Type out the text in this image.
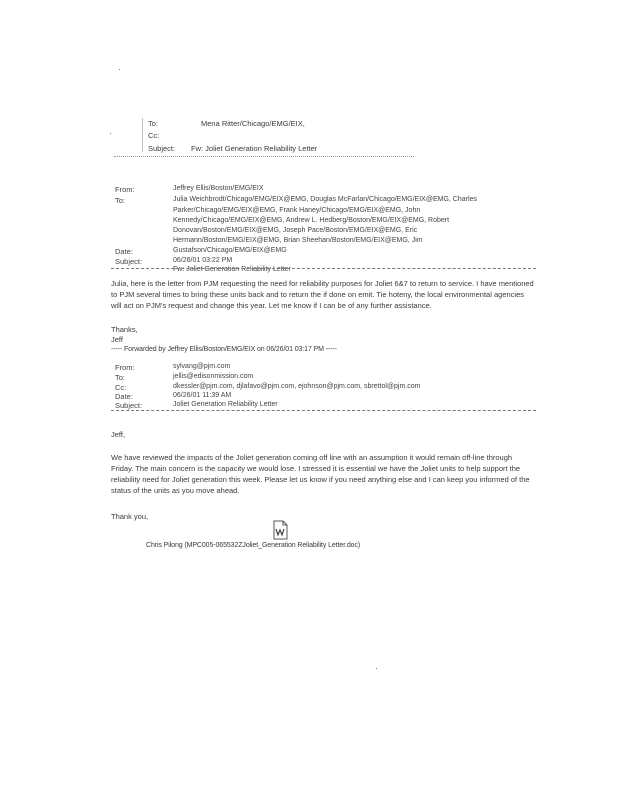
To:	Mena Ritter/Chicago/EMG/EIX,
Cc:
Subject: Fw: Joliet Generation Reliability Letter
From:	Jeffrey Ellis/Boston/EMG/EIX
To:	Julia Weichbrodt/Chicago/EMG/EIX@EMG, Douglas McFarlan/Chicago/EMG/EIX@EMG, Charles
Parker/Chicago/EMG/EIX@EMG, Frank Haney/Chicago/EMG/EIX@EMG, John
Kennedy/Chicago/EMG/EIX@EMG, Andrew L. Hedberg/Boston/EMG/EIX@EMG, Robert
Donovan/Boston/EMG/EIX@EMG, Joseph Pace/Boston/EMG/EIX@EMG, Eric
Hermann/Boston/EMG/EIX@EMG, Brian Sheehan/Boston/EMG/EIX@EMG, Jim
Gustafson/Chicago/EMG/EIX@EMG
Date:
06/26/01 03:22 PM
Subject:
Fw: Joliet Generation Reliability Letter
Julia, here is the letter from PJM requesting the need for reliability purposes for Joliet 6&7 to return to service. I have mentioned to PJM several times to bring these units back and to return the if done on emit. Tie hoteny, the local environmental agencies will act on PJM's request and change this year. Let me know if I can be of any further assistance.
Thanks,
Jeff
----- Forwarded by Jeffrey Ellis/Boston/EMG/EIX on 06/26/01 03:17 PM -----
From:	sylvang@pjm.com
To:	jellis@edisonmission.com
Cc:	dkessler@pjm.com, djlafavo@pjm.com, ejohnson@pjm.com, sbrettol@pjm.com
Date:	06/26/01 11:39 AM
Subject:	Joliet Generation Reliability Letter
Jeff,
We have reviewed the impacts of the Joliet generation coming off line with an assumption it would remain off-line through Friday. The main concern is the capacity we would lose. I stressed it is essential we have the Joliet units to help support the reliability need for Joliet generation this week. Please let us know if you need anything else and I can keep you informed of the status of the units as you move ahead.
Thank you,
Chris Pilong (MPC005-065532ZJoliet_Generation Reliability Letter.doc)
